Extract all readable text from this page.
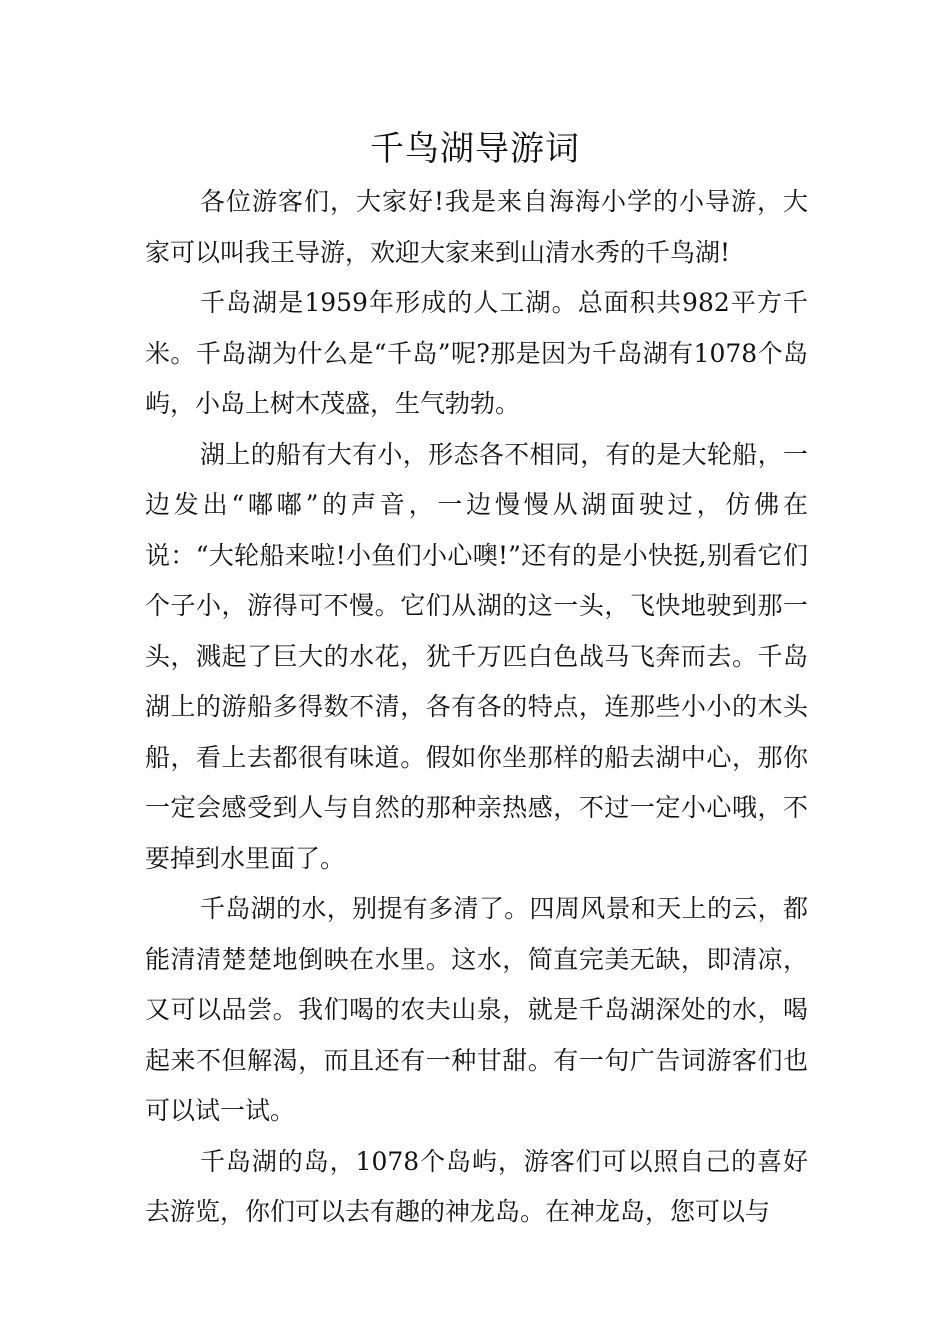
千鸟湖导游词

各位游客们，大家好!我是来自海海小学的小导游，大家可以叫我王导游，欢迎大家来到山清水秀的千鸟湖!

千岛湖是1959年形成的人工湖。总面积共982平方千米。千岛湖为什么是“千岛”呢?那是因为千岛湖有1078个岛屿，小岛上树木茂盛，生气勃勃。

湖上的船有大有小，形态各不相同，有的是大轮船，一边发出“嘟嘟”的声音，一边慢慢从湖面驶过，仿佛在说：“大轮船来啦!小鱼们小心噢!”还有的是小快挺,别看它们个子小，游得可不慢。它们从湖的这一头，飞快地驶到那一头，溅起了巨大的水花，犹千万匹白色战马飞奔而去。千岛湖上的游船多得数不清，各有各的特点，连那些小小的木头船，看上去都很有味道。假如你坐那样的船去湖中心，那你一定会感受到人与自然的那种亲热感，不过一定小心哦，不要掉到水里面了。

千岛湖的水，别提有多清了。四周风景和天上的云，都能清清楚楚地倒映在水里。这水，简直完美无缺，即清凉，又可以品尝。我们喝的农夫山泉，就是千岛湖深处的水，喝起来不但解渴，而且还有一种甘甜。有一句广告词游客们也可以试一试。

千岛湖的岛，1078个岛屿，游客们可以照自己的喜好去游览，你们可以去有趣的神龙岛。在神龙岛，您可以与
